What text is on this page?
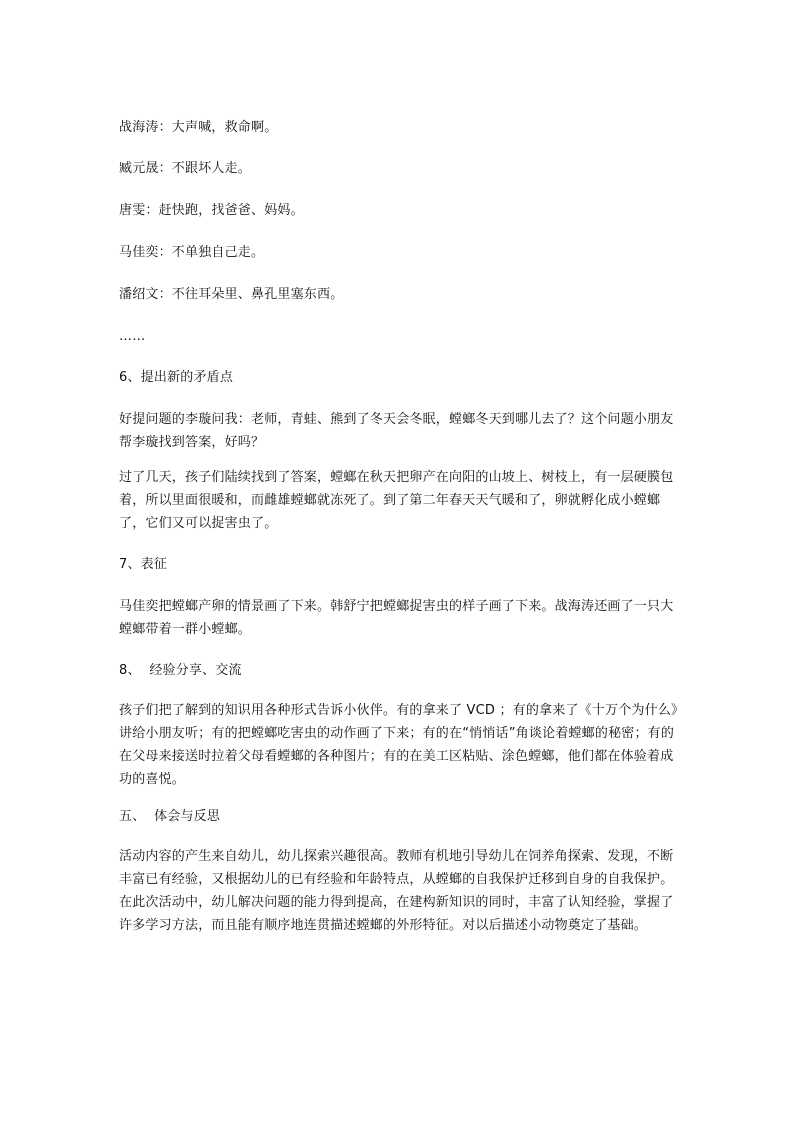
战海涛：大声喊，救命啊。

臧元晟：不跟坏人走。

唐雯：赶快跑，找爸爸、妈妈。

马佳奕：不单独自己走。

潘绍文：不往耳朵里、鼻孔里塞东西。

……

6、提出新的矛盾点

好提问题的李璇问我：老师，青蛙、熊到了冬天会冬眠，螳螂冬天到哪儿去了？这个问题小朋友帮李璇找到答案，好吗？

过了几天，孩子们陆续找到了答案，螳螂在秋天把卵产在向阳的山坡上、树枝上，有一层硬膜包着，所以里面很暖和，而雌雄螳螂就冻死了。到了第二年春天天气暖和了，卵就孵化成小螳螂了，它们又可以捉害虫了。

7、表征

马佳奕把螳螂产卵的情景画了下来。韩舒宁把螳螂捉害虫的样子画了下来。战海涛还画了一只大螳螂带着一群小螳螂。

8、  经验分享、交流

孩子们把了解到的知识用各种形式告诉小伙伴。有的拿来了 VCD ；有的拿来了《十万个为什么》讲给小朋友听；有的把螳螂吃害虫的动作画了下来；有的在“悄悄话”角谈论着螳螂的秘密；有的在父母来接送时拉着父母看螳螂的各种图片；有的在美工区粘贴、涂色螳螂，他们都在体验着成功的喜悦。

五、  体会与反思

活动内容的产生来自幼儿，幼儿探索兴趣很高。教师有机地引导幼儿在饲养角探索、发现，不断丰富已有经验，又根据幼儿的已有经验和年龄特点，从螳螂的自我保护迁移到自身的自我保护。在此次活动中，幼儿解决问题的能力得到提高，在建构新知识的同时，丰富了认知经验，掌握了许多学习方法，而且能有顺序地连贯描述螳螂的外形特征。对以后描述小动物奠定了基础。
